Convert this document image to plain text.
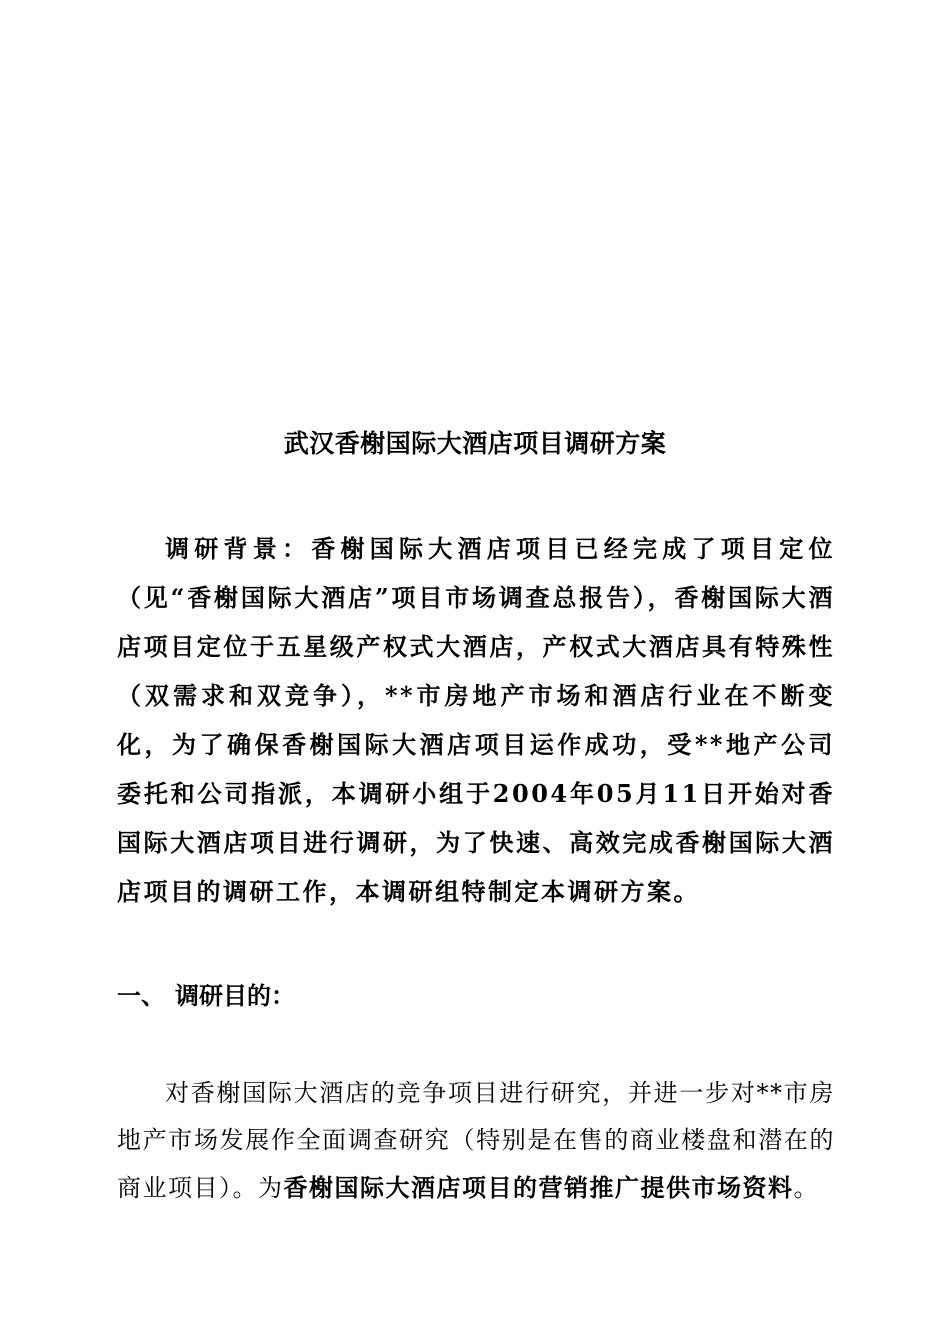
武汉香榭国际大酒店项目调研方案

调研背景：香榭国际大酒店项目已经完成了项目定位（见“香榭国际大酒店”项目市场调查总报告），香榭国际大酒店项目定位于五星级产权式大酒店，产权式大酒店具有特殊性（双需求和双竞争），**市房地产市场和酒店行业在不断变化，为了确保香榭国际大酒店项目运作成功，受**地产公司委托和公司指派，本调研小组于2004年05月11日开始对香国际大酒店项目进行调研，为了快速、高效完成香榭国际大酒店项目的调研工作，本调研组特制定本调研方案。

一、 调研目的：

对香榭国际大酒店的竞争项目进行研究，并进一步对**市房地产市场发展作全面调查研究（特别是在售的商业楼盘和潜在的商业项目）。为香榭国际大酒店项目的营销推广提供市场资料。
